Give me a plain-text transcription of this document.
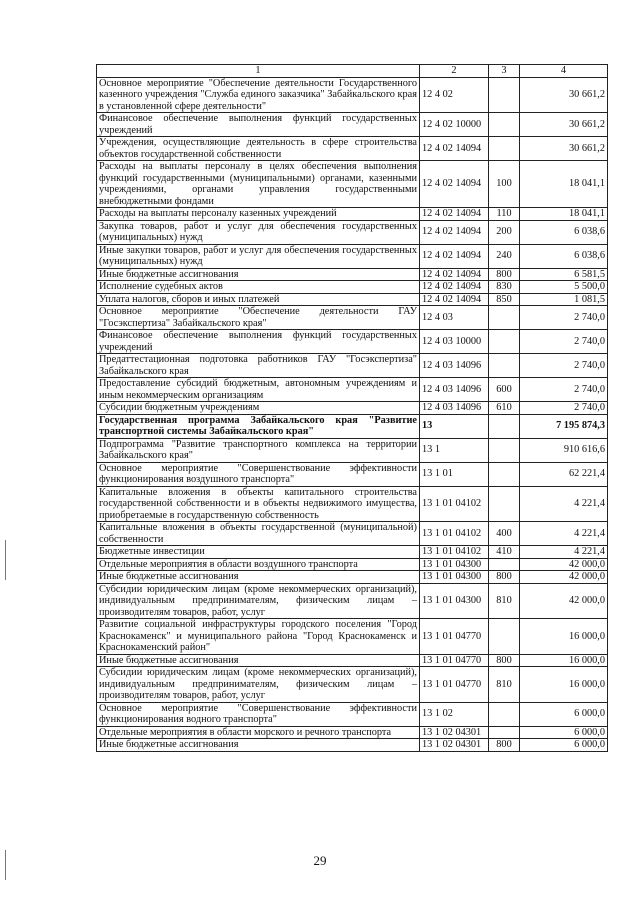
1	2	3	4
Основное мероприятие "Обеспечение деятельности Государственного казенного учреждения "Служба единого заказчика" Забайкальского края в установленной сфере деятельности"	12 4 02		30 661,2
Финансовое обеспечение выполнения функций государственных учреждений	12 4 02 10000		30 661,2
Учреждения, осуществляющие деятельность в сфере строительства объектов государственной собственности	12 4 02 14094		30 661,2
Расходы на выплаты персоналу в целях обеспечения выполнения функций государственными (муниципальными) органами, казенными учреждениями, органами управления государственными внебюджетными фондами	12 4 02 14094	100	18 041,1
Расходы на выплаты персоналу казенных учреждений	12 4 02 14094	110	18 041,1
Закупка товаров, работ и услуг для обеспечения государственных (муниципальных) нужд	12 4 02 14094	200	6 038,6
Иные закупки товаров, работ и услуг для обеспечения государственных (муниципальных) нужд	12 4 02 14094	240	6 038,6
Иные бюджетные ассигнования	12 4 02 14094	800	6 581,5
Исполнение судебных актов	12 4 02 14094	830	5 500,0
Уплата налогов, сборов и иных платежей	12 4 02 14094	850	1 081,5
Основное мероприятие "Обеспечение деятельности ГАУ "Госэкспертиза" Забайкальского края"	12 4 03		2 740,0
Финансовое обеспечение выполнения функций государственных учреждений	12 4 03 10000		2 740,0
Предаттестационная подготовка работников ГАУ "Госэкспертиза" Забайкальского края	12 4 03 14096		2 740,0
Предоставление субсидий бюджетным, автономным учреждениям и иным некоммерческим организациям	12 4 03 14096	600	2 740,0
Субсидии бюджетным учреждениям	12 4 03 14096	610	2 740,0
Государственная программа Забайкальского края "Развитие транспортной системы Забайкальского края"	13		7 195 874,3
Подпрограмма "Развитие транспортного комплекса на территории Забайкальского края"	13 1		910 616,6
Основное мероприятие "Совершенствование эффективности функционирования воздушного транспорта"	13 1 01		62 221,4
Капитальные вложения в объекты капитального строительства государственной собственности и в объекты недвижимого имущества, приобретаемые в государственную собственность	13 1 01 04102		4 221,4
Капитальные вложения в объекты государственной (муниципальной) собственности	13 1 01 04102	400	4 221,4
Бюджетные инвестиции	13 1 01 04102	410	4 221,4
Отдельные мероприятия в области воздушного транспорта	13 1 01 04300		42 000,0
Иные бюджетные ассигнования	13 1 01 04300	800	42 000,0
Субсидии юридическим лицам (кроме некоммерческих организаций), индивидуальным предпринимателям, физическим лицам – производителям товаров, работ, услуг	13 1 01 04300	810	42 000,0
Развитие социальной инфраструктуры городского поселения "Город Краснокаменск" и муниципального района "Город Краснокаменск и Краснокаменский район"	13 1 01 04770		16 000,0
Иные бюджетные ассигнования	13 1 01 04770	800	16 000,0
Субсидии юридическим лицам (кроме некоммерческих организаций), индивидуальным предпринимателям, физическим лицам – производителям товаров, работ, услуг	13 1 01 04770	810	16 000,0
Основное мероприятие "Совершенствование эффективности функционирования водного транспорта"	13 1 02		6 000,0
Отдельные мероприятия в области морского и речного транспорта	13 1 02 04301		6 000,0
Иные бюджетные ассигнования	13 1 02 04301	800	6 000,0
29
